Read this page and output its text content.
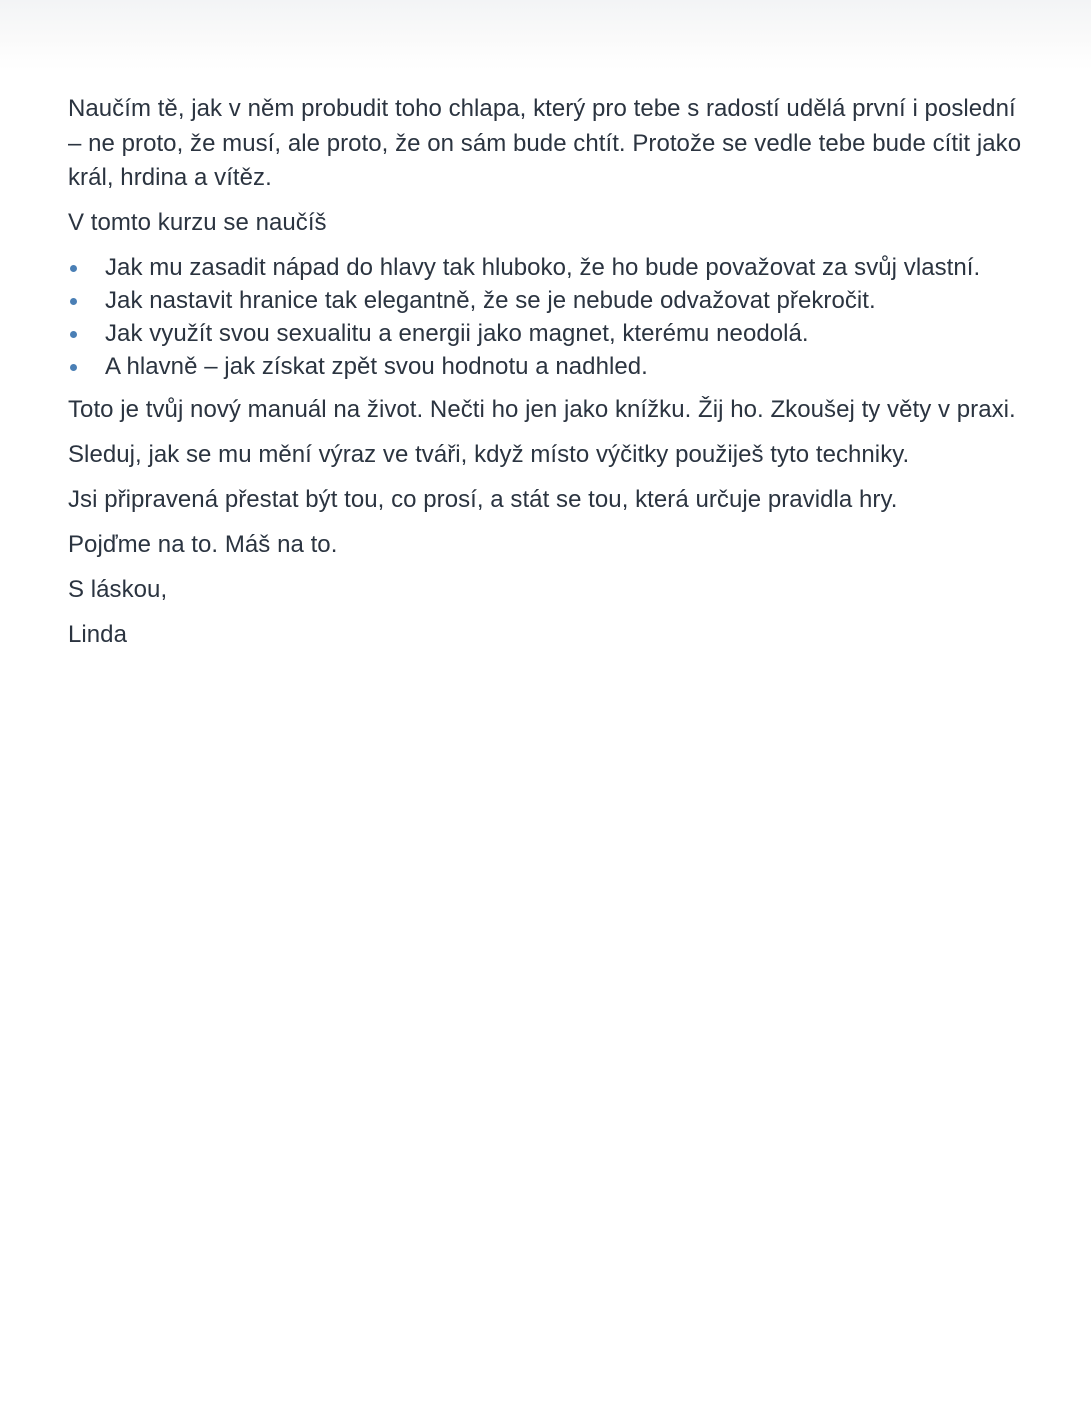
Naučím tě, jak v něm probudit toho chlapa, který pro tebe s radostí udělá první i poslední – ne proto, že musí, ale proto, že on sám bude chtít. Protože se vedle tebe bude cítit jako král, hrdina a vítěz.

V tomto kurzu se naučíš

Jak mu zasadit nápad do hlavy tak hluboko, že ho bude považovat za svůj vlastní.
Jak nastavit hranice tak elegantně, že se je nebude odvažovat překročit.
Jak využít svou sexualitu a energii jako magnet, kterému neodolá.
A hlavně – jak získat zpět svou hodnotu a nadhled.

Toto je tvůj nový manuál na život. Nečti ho jen jako knížku. Žij ho. Zkoušej ty věty v praxi.

Sleduj, jak se mu mění výraz ve tváři, když místo výčitky použiješ tyto techniky.

Jsi připravená přestat být tou, co prosí, a stát se tou, která určuje pravidla hry.

Pojďme na to. Máš na to.

S láskou,

Linda
